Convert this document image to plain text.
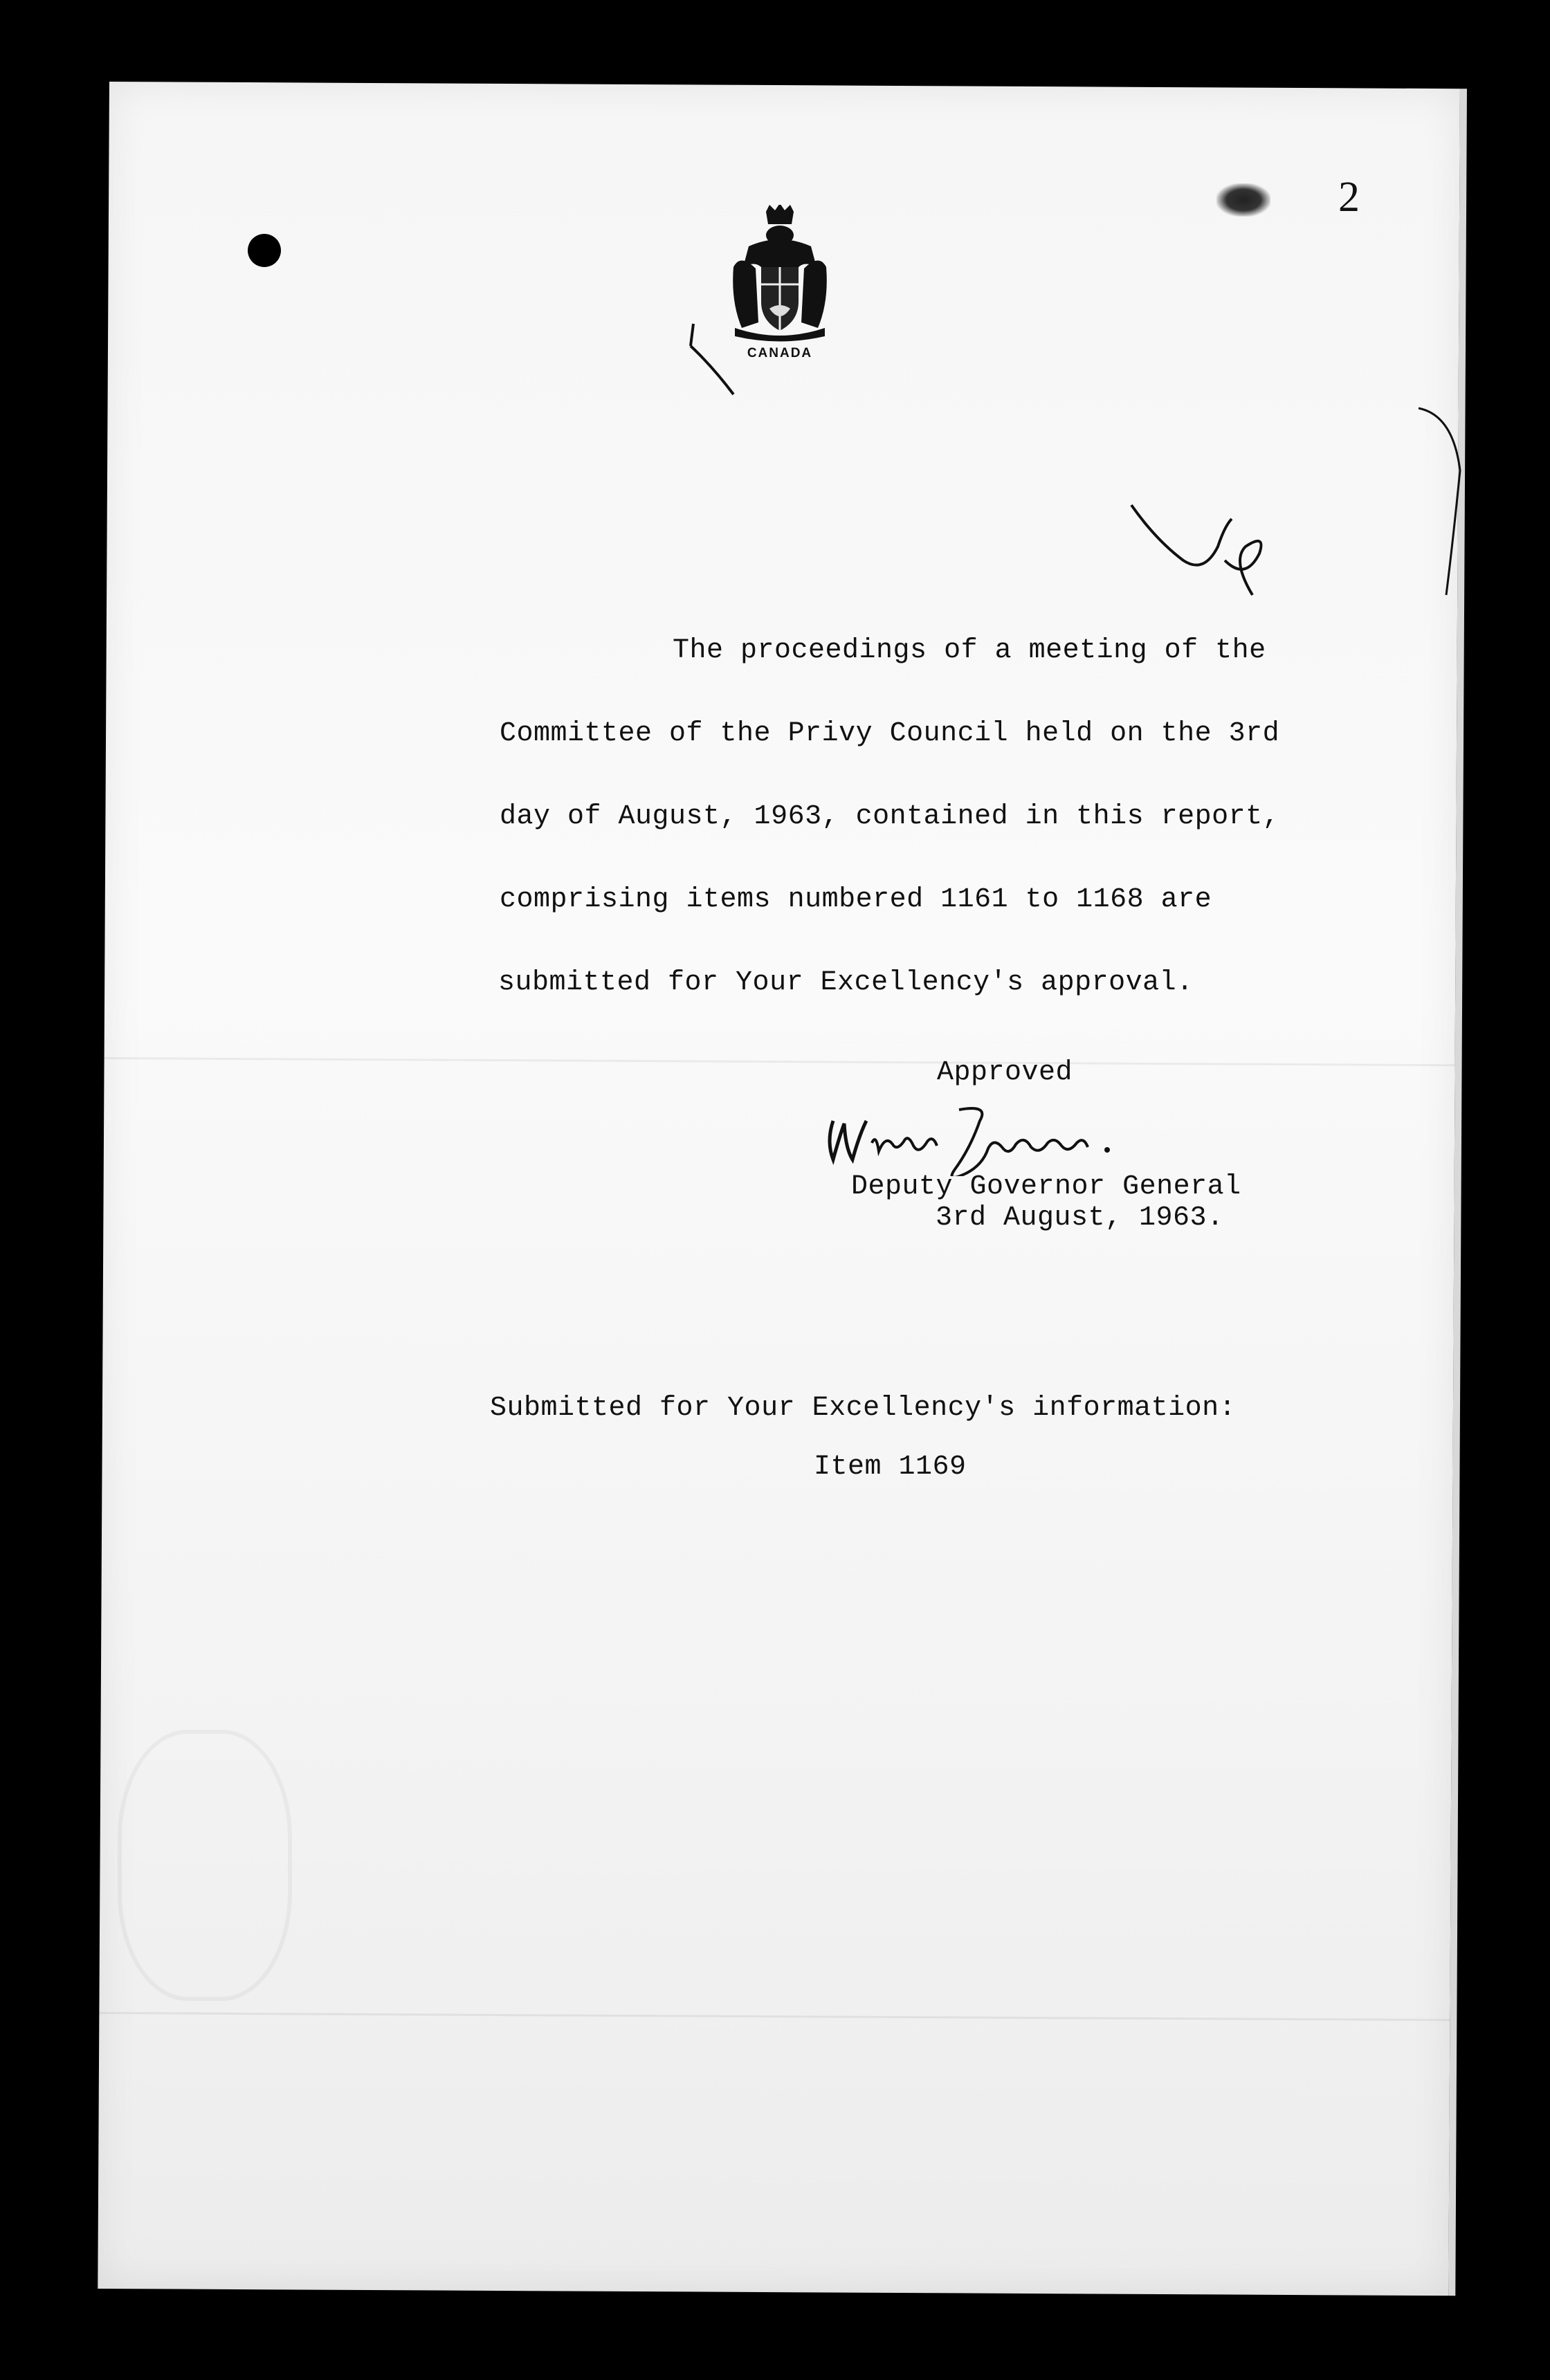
2
CANADA
The proceedings of a meeting of the
Committee of the Privy Council held on the 3rd
day of August, 1963, contained in this report,
comprising items numbered 1161 to 1168 are
submitted for Your Excellency's approval.
Approved
Deputy Governor General
3rd August, 1963.
Submitted for Your Excellency's information:
Item 1169
